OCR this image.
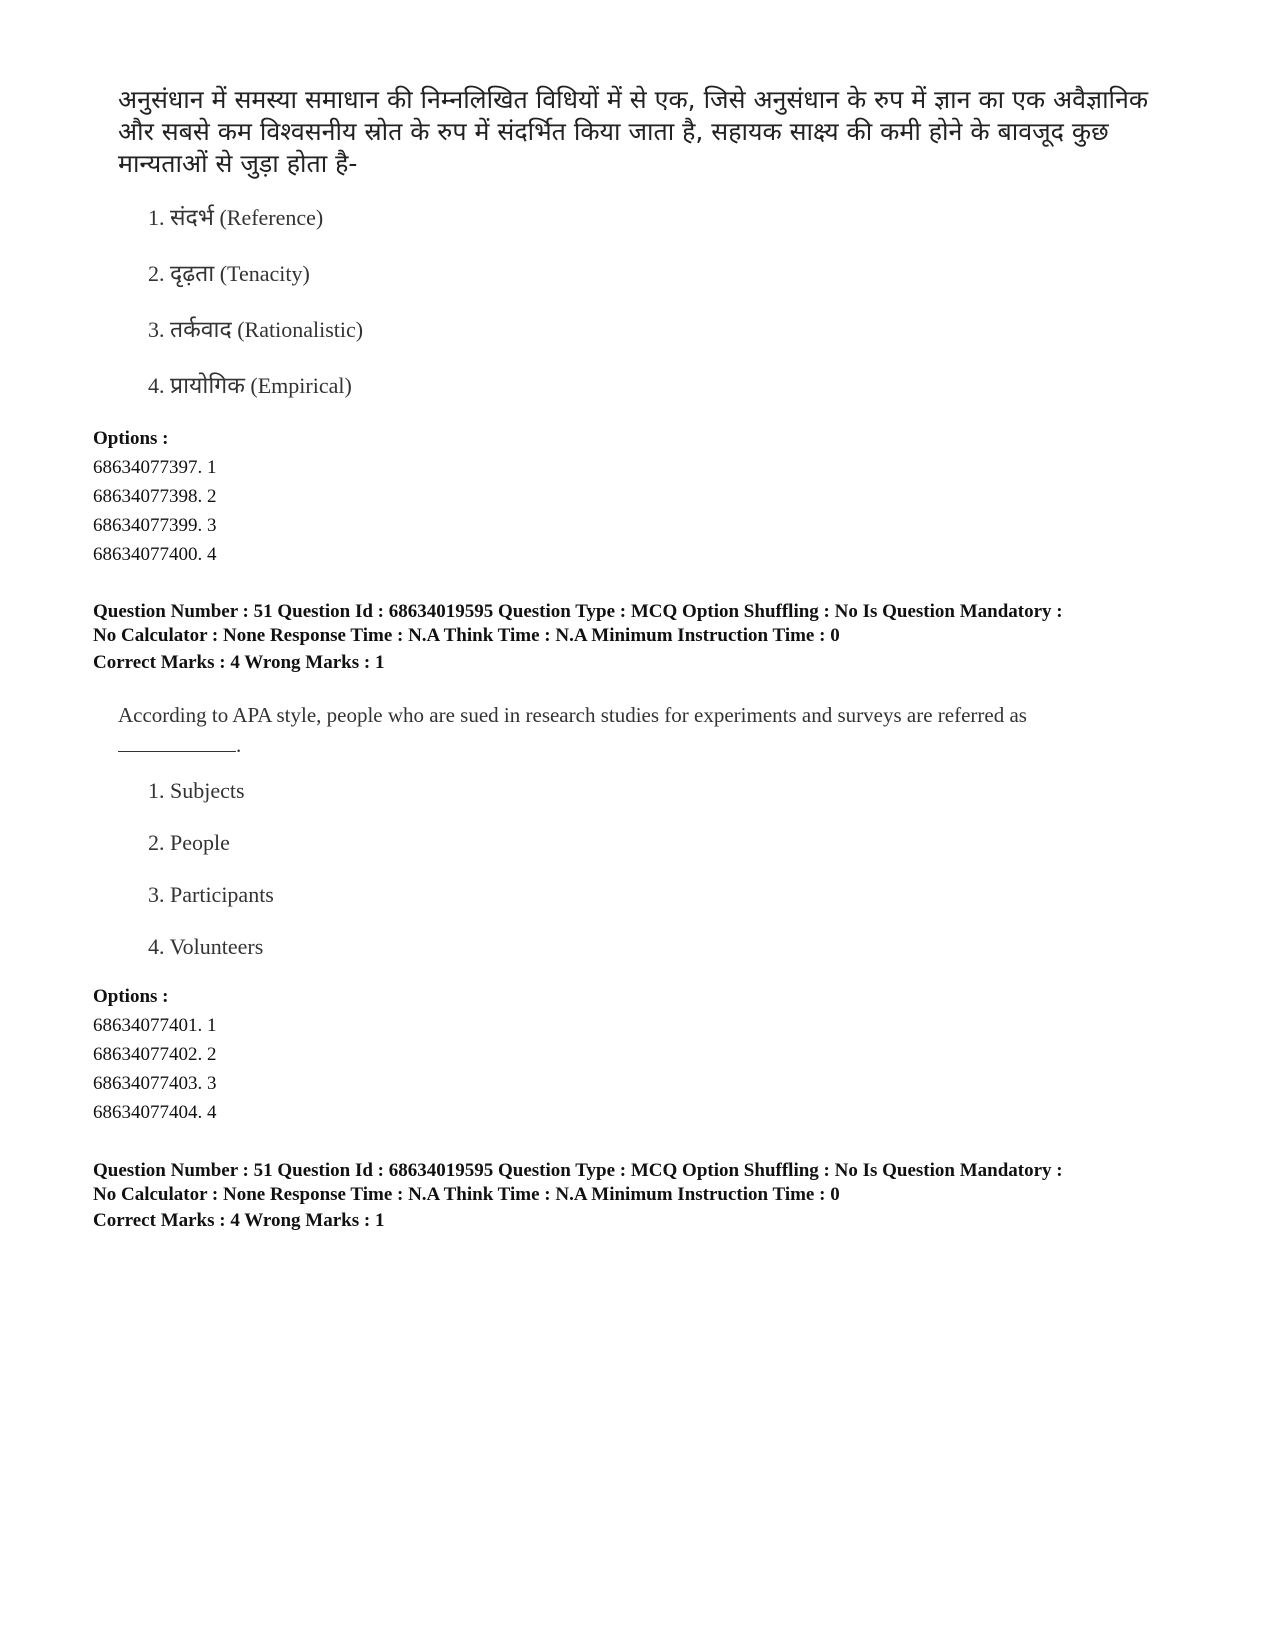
अनुसंधान में समस्या समाधान की निम्नलिखित विधियों में से एक, जिसे अनुसंधान के रुप में ज्ञान का एक अवैज्ञानिक और सबसे कम विश्वसनीय स्रोत के रुप में संदर्भित किया जाता है, सहायक साक्ष्य की कमी होने के बावजूद कुछ मान्यताओं से जुड़ा होता है-
1. संदर्भ (Reference)
2. दृढ़ता (Tenacity)
3. तर्कवाद (Rationalistic)
4. प्रायोगिक (Empirical)
Options :
68634077397. 1
68634077398. 2
68634077399. 3
68634077400. 4
Question Number : 51 Question Id : 68634019595 Question Type : MCQ Option Shuffling : No Is Question Mandatory :
No Calculator : None Response Time : N.A Think Time : N.A Minimum Instruction Time : 0
Correct Marks : 4 Wrong Marks : 1
According to APA style, people who are sued in research studies for experiments and surveys are referred as
.
1. Subjects
2. People
3. Participants
4. Volunteers
Options :
68634077401. 1
68634077402. 2
68634077403. 3
68634077404. 4
Question Number : 51 Question Id : 68634019595 Question Type : MCQ Option Shuffling : No Is Question Mandatory :
No Calculator : None Response Time : N.A Think Time : N.A Minimum Instruction Time : 0
Correct Marks : 4 Wrong Marks : 1
